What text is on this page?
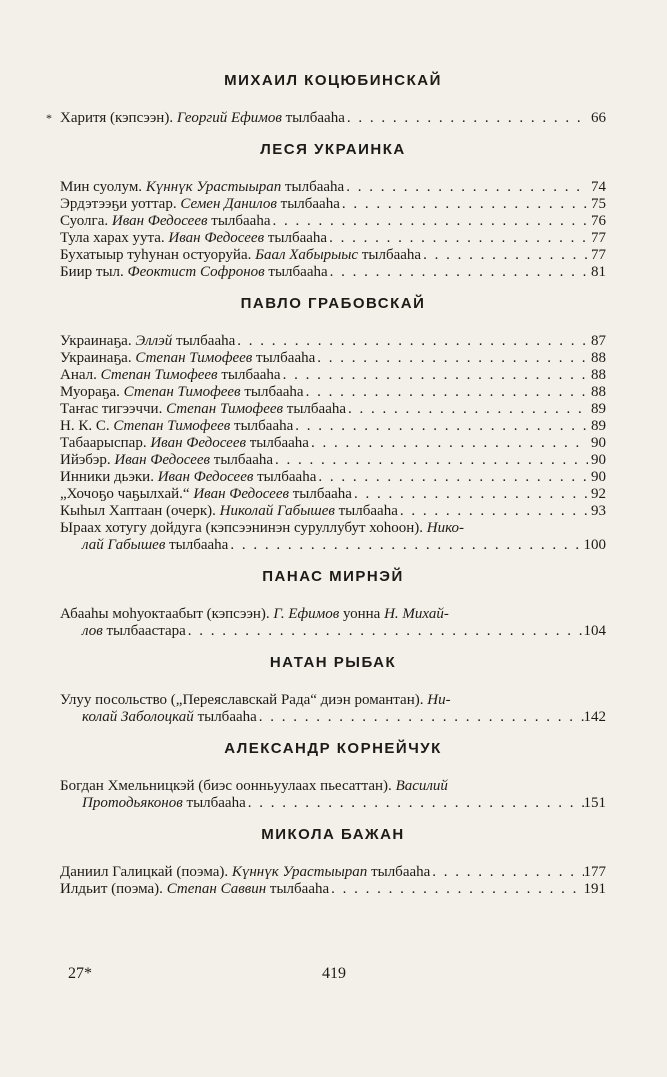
МИХАИЛ КОЦЮБИНСКАЙ
* Харитя (кэпсээн). Георгий Ефимов тылбааһа . . .	66
ЛЕСЯ УКРАИНКА
Мин суолум. Күннүк Урастыырап тылбааһа . . .	74
Эрдэтээҕи уоттар. Семен Данилов тылбааһа . . .	75
Суолга. Иван Федосеев тылбааһа . . .	76
Тула харах уута. Иван Федосеев тылбааһа . . .	77
Бухатыыр туһунан остуоруйа. Баал Хабырыыс тылбааһа . . .	77
Биир тыл. Феоктист Софронов тылбааһа . . .	81
ПАВЛО ГРАБОВСКАЙ
Украинаҕа. Эллэй тылбааһа . . .	87
Украинаҕа. Степан Тимофеев тылбааһа . . .	88
Анал. Степан Тимофеев тылбааһа . . .	88
Муораҕа. Степан Тимофеев тылбааһа . . .	88
Таҥас тигээччи. Степан Тимофеев тылбааһа . . .	89
Н. К. С. Степан Тимофеев тылбааһа . . .	89
Табаарыспар. Иван Федосеев тылбааһа . . .	90
Ийэбэр. Иван Федосеев тылбааһа . . .	90
Инники дьэки. Иван Федосеев тылбааһа . . .	90
„Хочоҕо чаҕылхай.“ Иван Федосеев тылбааһа . . .	92
Кыһыл Хаптаан (очерк). Николай Габышев тылбааһа . . .	93
Ыраах хотугу дойдуга (кэпсээнинэн суруллубут хоһоон). Нико-
лай Габышев тылбааһа . . .	100
ПАНАС МИРНЭЙ
Абааһы моһуоктаабыт (кэпсээн). Г. Ефимов уонна Н. Михай-
лов тылбаастара . . .	104
НАТАН РЫБАК
Улуу посольство („Переяславскай Рада“ диэн романтан). Ни-
колай Заболоцкай тылбааһа . . .	142
АЛЕКСАНДР КОРНЕЙЧУК
Богдан Хмельницкэй (биэс оонньуулаах пьесаттан). Василий
Протодьяконов тылбааһа . . .	151
МИКОЛА БАЖАН
Даниил Галицкай (поэма). Күннүк Урастыырап тылбааһа . . .	177
Илдьит (поэма). Степан Саввин тылбааһа . . .	191
27*	419
